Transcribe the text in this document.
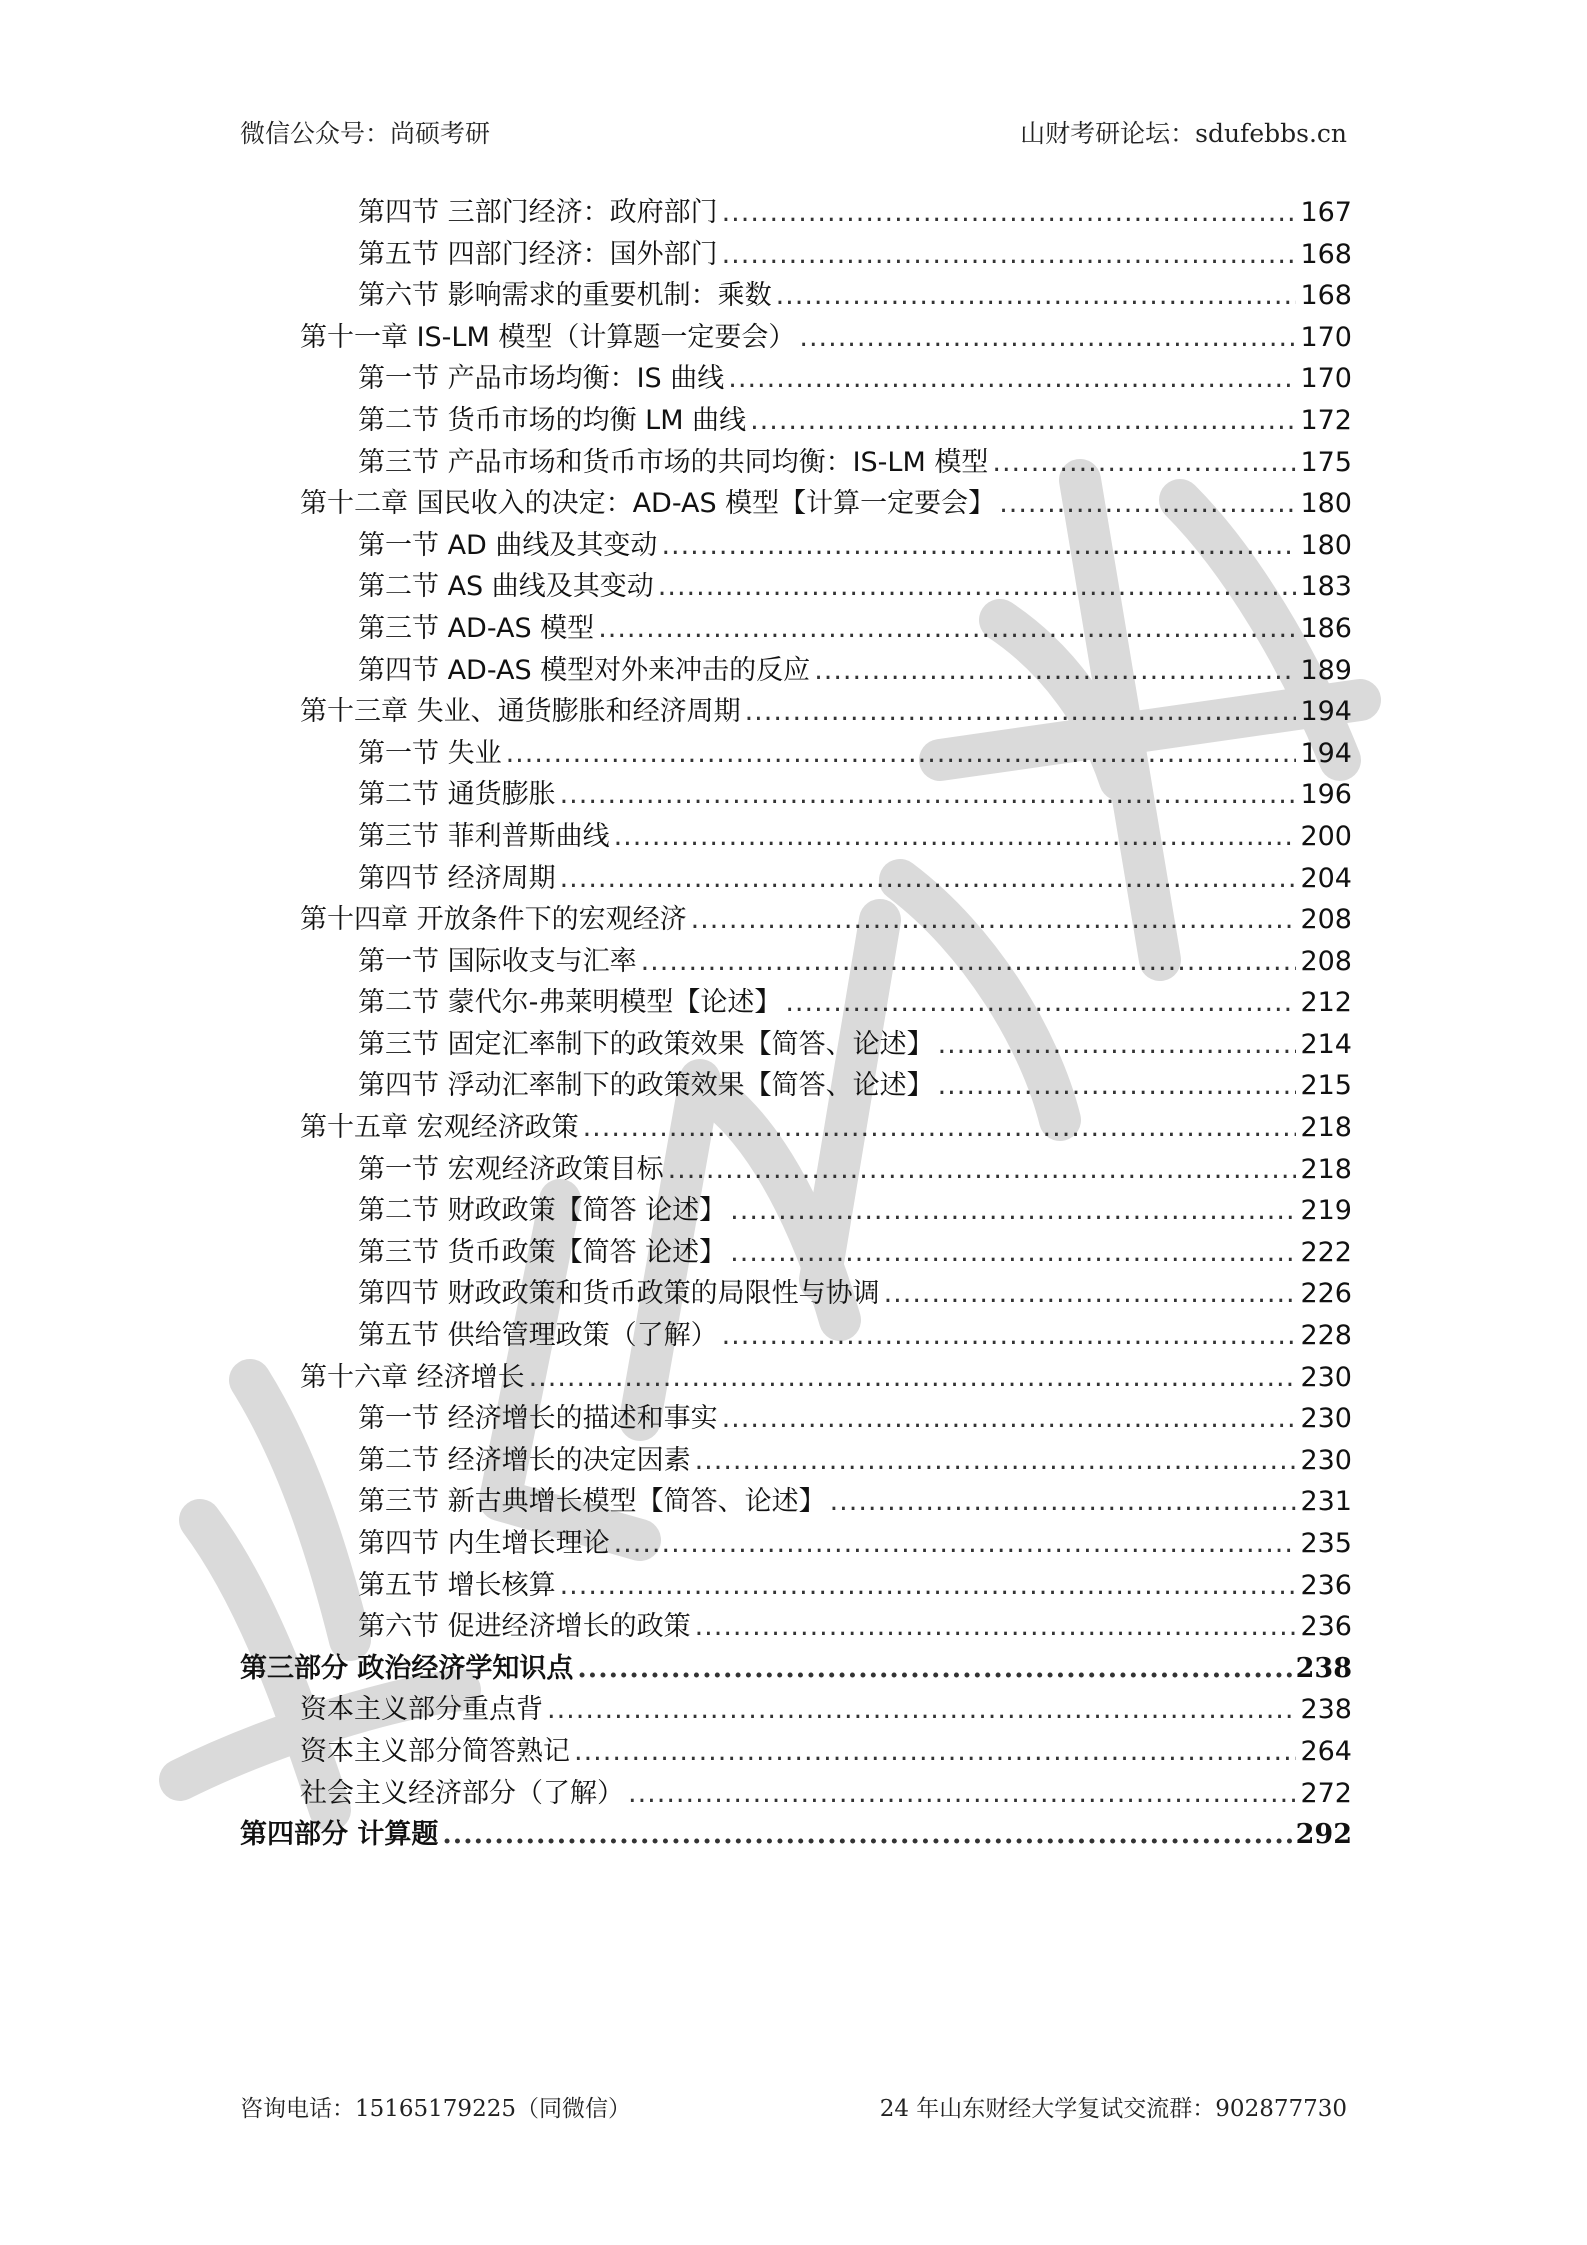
微信公众号：尚硕考研	山财考研论坛：sdufebbs.cn
第四节 三部门经济：政府部门 .....	167
第五节 四部门经济：国外部门 .....	168
第六节 影响需求的重要机制：乘数 .....	168
第十一章 IS-LM 模型（计算题一定要会） .....	170
第一节 产品市场均衡：IS 曲线 .....	170
第二节 货币市场的均衡 LM 曲线 .....	172
第三节 产品市场和货币市场的共同均衡：IS-LM 模型 .....	175
第十二章 国民收入的决定：AD-AS 模型【计算一定要会】 .....	180
第一节 AD 曲线及其变动 .....	180
第二节 AS 曲线及其变动 .....	183
第三节 AD-AS 模型 .....	186
第四节 AD-AS 模型对外来冲击的反应 .....	189
第十三章 失业、通货膨胀和经济周期 .....	194
第一节 失业 .....	194
第二节 通货膨胀 .....	196
第三节 菲利普斯曲线 .....	200
第四节 经济周期 .....	204
第十四章 开放条件下的宏观经济 .....	208
第一节 国际收支与汇率 .....	208
第二节 蒙代尔-弗莱明模型【论述】 .....	212
第三节 固定汇率制下的政策效果【简答、论述】 .....	214
第四节 浮动汇率制下的政策效果【简答、论述】 .....	215
第十五章 宏观经济政策 .....	218
第一节 宏观经济政策目标 .....	218
第二节 财政政策【简答 论述】 .....	219
第三节 货币政策【简答 论述】 .....	222
第四节 财政政策和货币政策的局限性与协调 .....	226
第五节 供给管理政策（了解） .....	228
第十六章 经济增长 .....	230
第一节 经济增长的描述和事实 .....	230
第二节 经济增长的决定因素 .....	230
第三节 新古典增长模型【简答、论述】 .....	231
第四节 内生增长理论 .....	235
第五节 增长核算 .....	236
第六节 促进经济增长的政策 .....	236
第三部分 政治经济学知识点 .....	238
资本主义部分重点背 .....	238
资本主义部分简答熟记 .....	264
社会主义经济部分（了解） .....	272
第四部分 计算题 .....	292
咨询电话：15165179225（同微信）	24 年山东财经大学复试交流群：902877730
